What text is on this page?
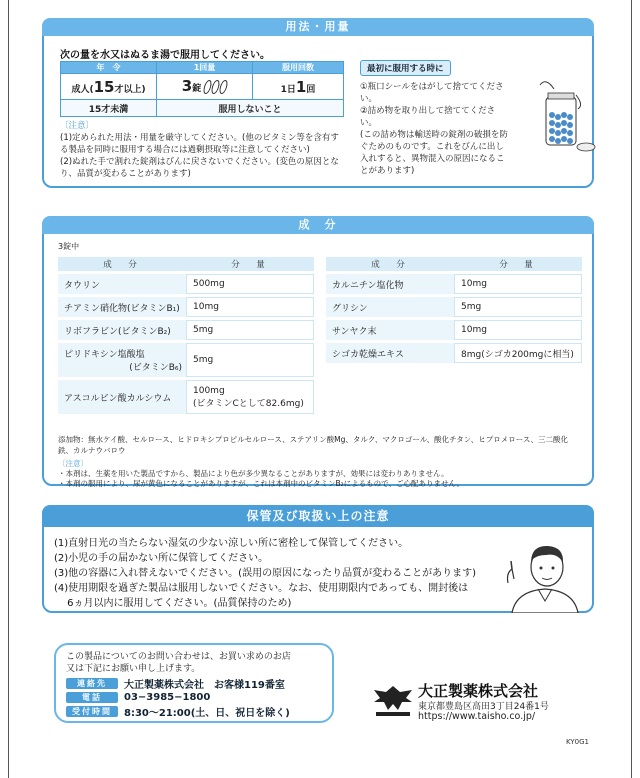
用法・用量
次の量を水又はぬるま湯で服用してください。
年　令	1回量	服用回数
成人(15才以上)	3錠	1日1回
15才未満	服用しないこと	
〔注意〕
(1)定められた用法・用量を厳守してください。(他のビタミン等を含有する製品を同時に服用する場合には過剰摂取等に注意してください)
(2)ぬれた手で割れた錠剤はびんに戻さないでください。(変色の原因となり、品質が変わることがあります)
最初に服用する時に
①瓶口シールをはがして捨ててください。
②詰め物を取り出して捨ててください。
(この詰め物は輸送時の錠剤の破損を防ぐためのものです。これをびんに出し入れすると、異物混入の原因になることがあります)
成　分
3錠中
成　分	分　量
タウリン	500mg
チアミン硝化物(ビタミンB₁)	10mg
リボフラビン(ビタミンB₂)	5mg
ピリドキシン塩酸塩
(ビタミンB₆)	5mg
アスコルビン酸カルシウム	100mg
(ビタミンCとして82.6mg)
成　分	分　量
カルニチン塩化物	10mg
グリシン	5mg
サンヤク末	10mg
シゴカ乾燥エキス	8mg(シゴカ200mgに相当)
添加物：無水ケイ酸、セルロース、ヒドロキシプロピルセルロース、ステアリン酸Mg、タルク、マクロゴール、酸化チタン、ヒプロメロース、三二酸化鉄、カルナウバロウ
〔注意〕
・本剤は、生薬を用いた製品ですから、製品により色が多少異なることがありますが、効果には変わりありません。
・本剤の服用により、尿が黄色になることがありますが、これは本剤中のビタミンB₂によるもので、ご心配ありません。
保管及び取扱い上の注意
(1)直射日光の当たらない湿気の少ない涼しい所に密栓して保管してください。
(2)小児の手の届かない所に保管してください。
(3)他の容器に入れ替えないでください。(誤用の原因になったり品質が変わることがあります)
(4)使用期限を過ぎた製品は服用しないでください。なお、使用期限内であっても、開封後は
　 6ヵ月以内に服用してください。(品質保持のため)
この製品についてのお問い合わせは、お買い求めのお店
又は下記にお願い申し上げます。
連絡先	大正製薬株式会社　お客様119番室
電話	03−3985−1800
受付時間	8:30〜21:00(土、日、祝日を除く)
大正製薬株式会社
東京都豊島区高田3丁目24番1号
https://www.taisho.co.jp/
KY0G1
